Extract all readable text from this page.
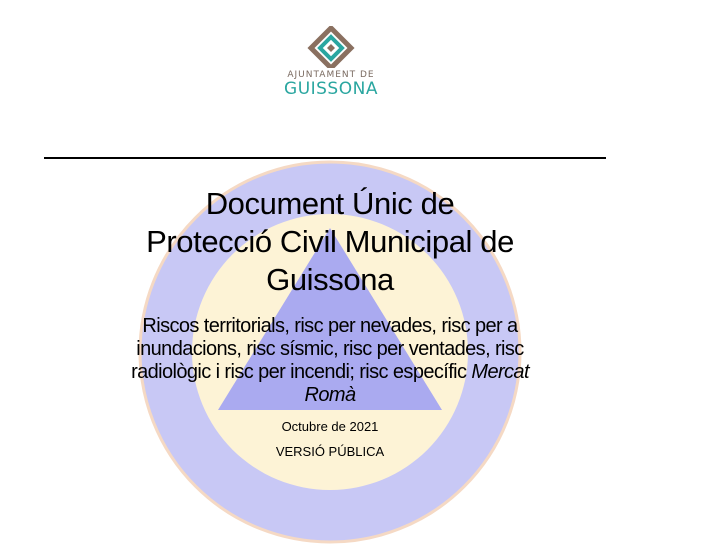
AJUNTAMENT DE
GUISSONA
Document Únic de
Protecció Civil Municipal de
Guissona
Riscos territorials, risc per nevades, risc per a
inundacions, risc sísmic, risc per ventades, risc
radiològic i risc per incendi; risc específic Mercat
Romà
Octubre de 2021
VERSIÓ PÚBLICA
